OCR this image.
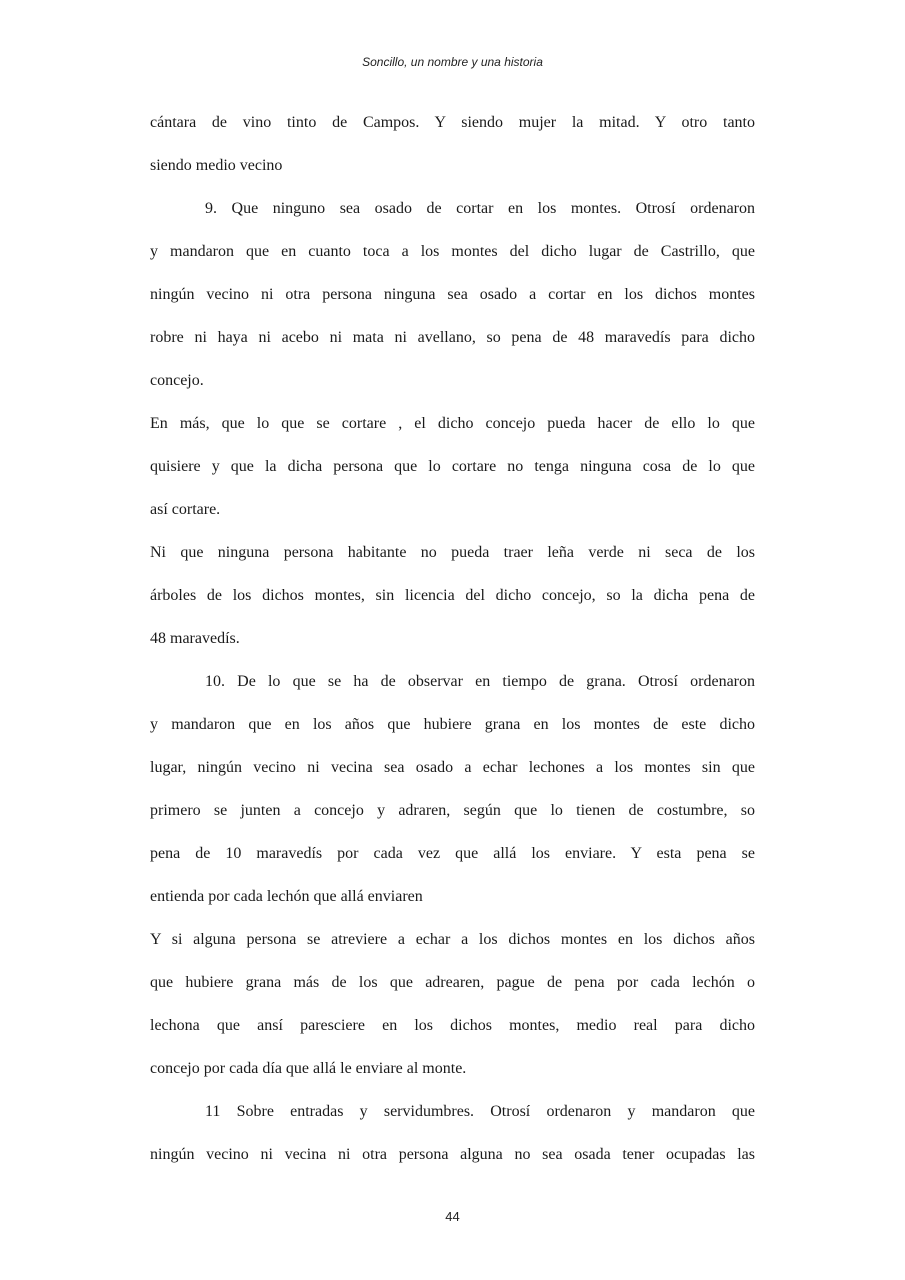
Soncillo, un nombre y una historia
cántara de vino tinto de Campos. Y siendo mujer la mitad. Y otro tanto
siendo medio vecino
9. Que ninguno sea osado de cortar en los montes. Otrosí ordenaron
y mandaron que en cuanto toca a los montes del dicho lugar de Castrillo, que
ningún vecino ni otra persona ninguna sea osado a cortar en los dichos montes
robre ni haya ni acebo ni mata ni avellano, so pena de 48 maravedís para dicho
concejo.
En más, que lo que se cortare , el dicho concejo pueda hacer de ello lo que
quisiere y que la dicha persona que lo cortare no tenga ninguna cosa de lo que
así cortare.
Ni que ninguna persona habitante no pueda traer leña verde ni seca de los
árboles de los dichos montes, sin licencia del dicho concejo, so la dicha pena de
48 maravedís.
10. De lo que se ha de observar en tiempo de grana. Otrosí ordenaron
y mandaron que en los años que hubiere grana en los montes de este dicho
lugar, ningún vecino ni vecina sea osado a echar lechones a los montes sin que
primero se junten a concejo y adraren, según que lo tienen de costumbre, so
pena de 10 maravedís por cada vez que allá los enviare. Y esta pena se
entienda por cada lechón que allá enviaren
Y si alguna persona se atreviere a echar a los dichos montes en los dichos años
que hubiere grana más de los que adrearen, pague de pena por cada lechón o
lechona que ansí paresciere en los dichos montes, medio real para dicho
concejo por cada día que allá le enviare al monte.
11 Sobre entradas y servidumbres. Otrosí ordenaron y mandaron que
ningún vecino ni vecina ni otra persona alguna no sea osada tener ocupadas las
44
